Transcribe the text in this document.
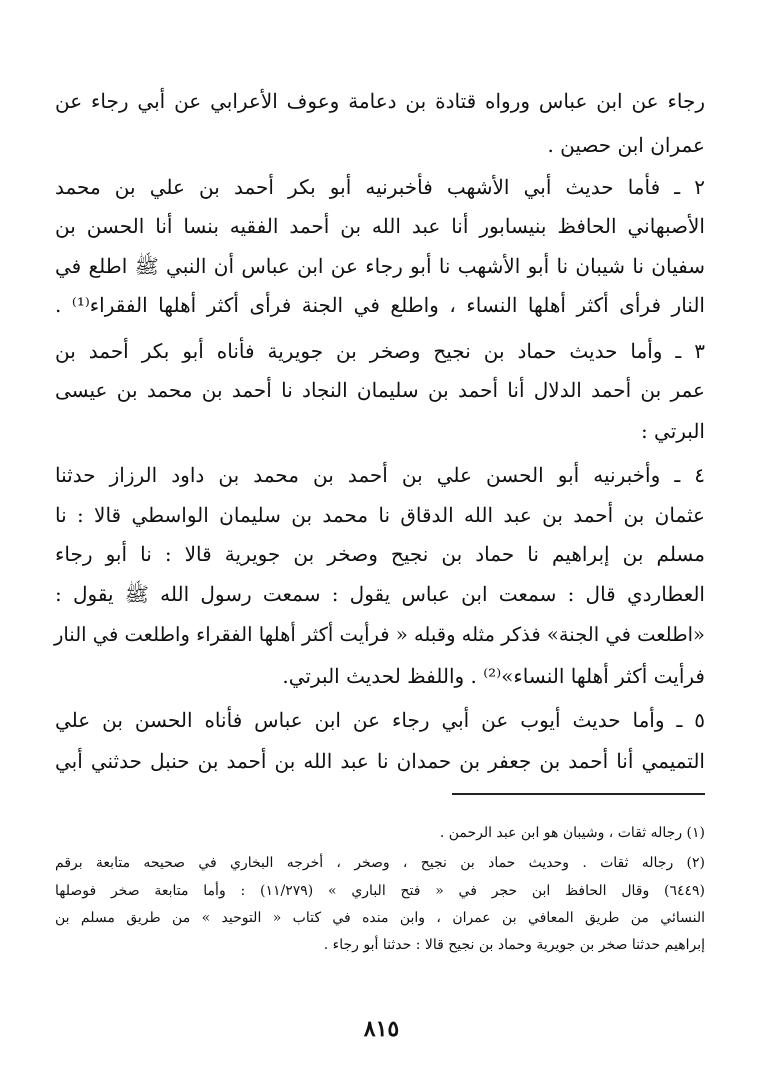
رجاء عن ابن عباس ورواه قتادة بن دعامة وعوف الأعرابي عن أبي رجاء عن
عمران ابن حصين .
٢ ـ فأما حديث أبي الأشهب فأخبرنيه أبو بكر أحمد بن علي بن محمد
الأصبهاني الحافظ بنيسابور أنا عبد الله بن أحمد الفقيه بنسا أنا الحسن بن
سفيان نا شيبان نا أبو الأشهب نا أبو رجاء عن ابن عباس أن النبي ﷺ اطلع في
النار فرأى أكثر أهلها النساء ، واطلع في الجنة فرأى أكثر أهلها الفقراء⁽¹⁾ .
٣ ـ وأما حديث حماد بن نجيح وصخر بن جويرية فأناه أبو بكر أحمد بن
عمر بن أحمد الدلال أنا أحمد بن سليمان النجاد نا أحمد بن محمد بن عيسى
البرتي :
٤ ـ وأخبرنيه أبو الحسن علي بن أحمد بن محمد بن داود الرزاز حدثنا
عثمان بن أحمد بن عبد الله الدقاق نا محمد بن سليمان الواسطي قالا : نا
مسلم بن إبراهيم نا حماد بن نجيح وصخر بن جويرية قالا : نا أبو رجاء
العطاردي قال : سمعت ابن عباس يقول : سمعت رسول الله ﷺ يقول :
«اطلعت في الجنة» فذكر مثله وقبله « فرأيت أكثر أهلها الفقراء واطلعت في النار
فرأيت أكثر أهلها النساء»⁽²⁾ . واللفظ لحديث البرتي.
٥ ـ وأما حديث أيوب عن أبي رجاء عن ابن عباس فأناه الحسن بن علي
التميمي أنا أحمد بن جعفر بن حمدان نا عبد الله بن أحمد بن حنبل حدثني أبي
(١) رجاله ثقات ، وشيبان هو ابن عبد الرحمن .
(٢) رجاله ثقات . وحديث حماد بن نجيح ، وصخر ، أخرجه البخاري في صحيحه متابعة برقم
(٦٤٤٩) وقال الحافظ ابن حجر في « فتح الباري » (١١/٢٧٩) : وأما متابعة صخر فوصلها
النسائي من طريق المعافي بن عمران ، وابن منده في كتاب « التوحيد » من طريق مسلم بن
إبراهيم حدثنا صخر بن جويرية وحماد بن نجيح قالا : حدثنا أبو رجاء .
٨١٥
